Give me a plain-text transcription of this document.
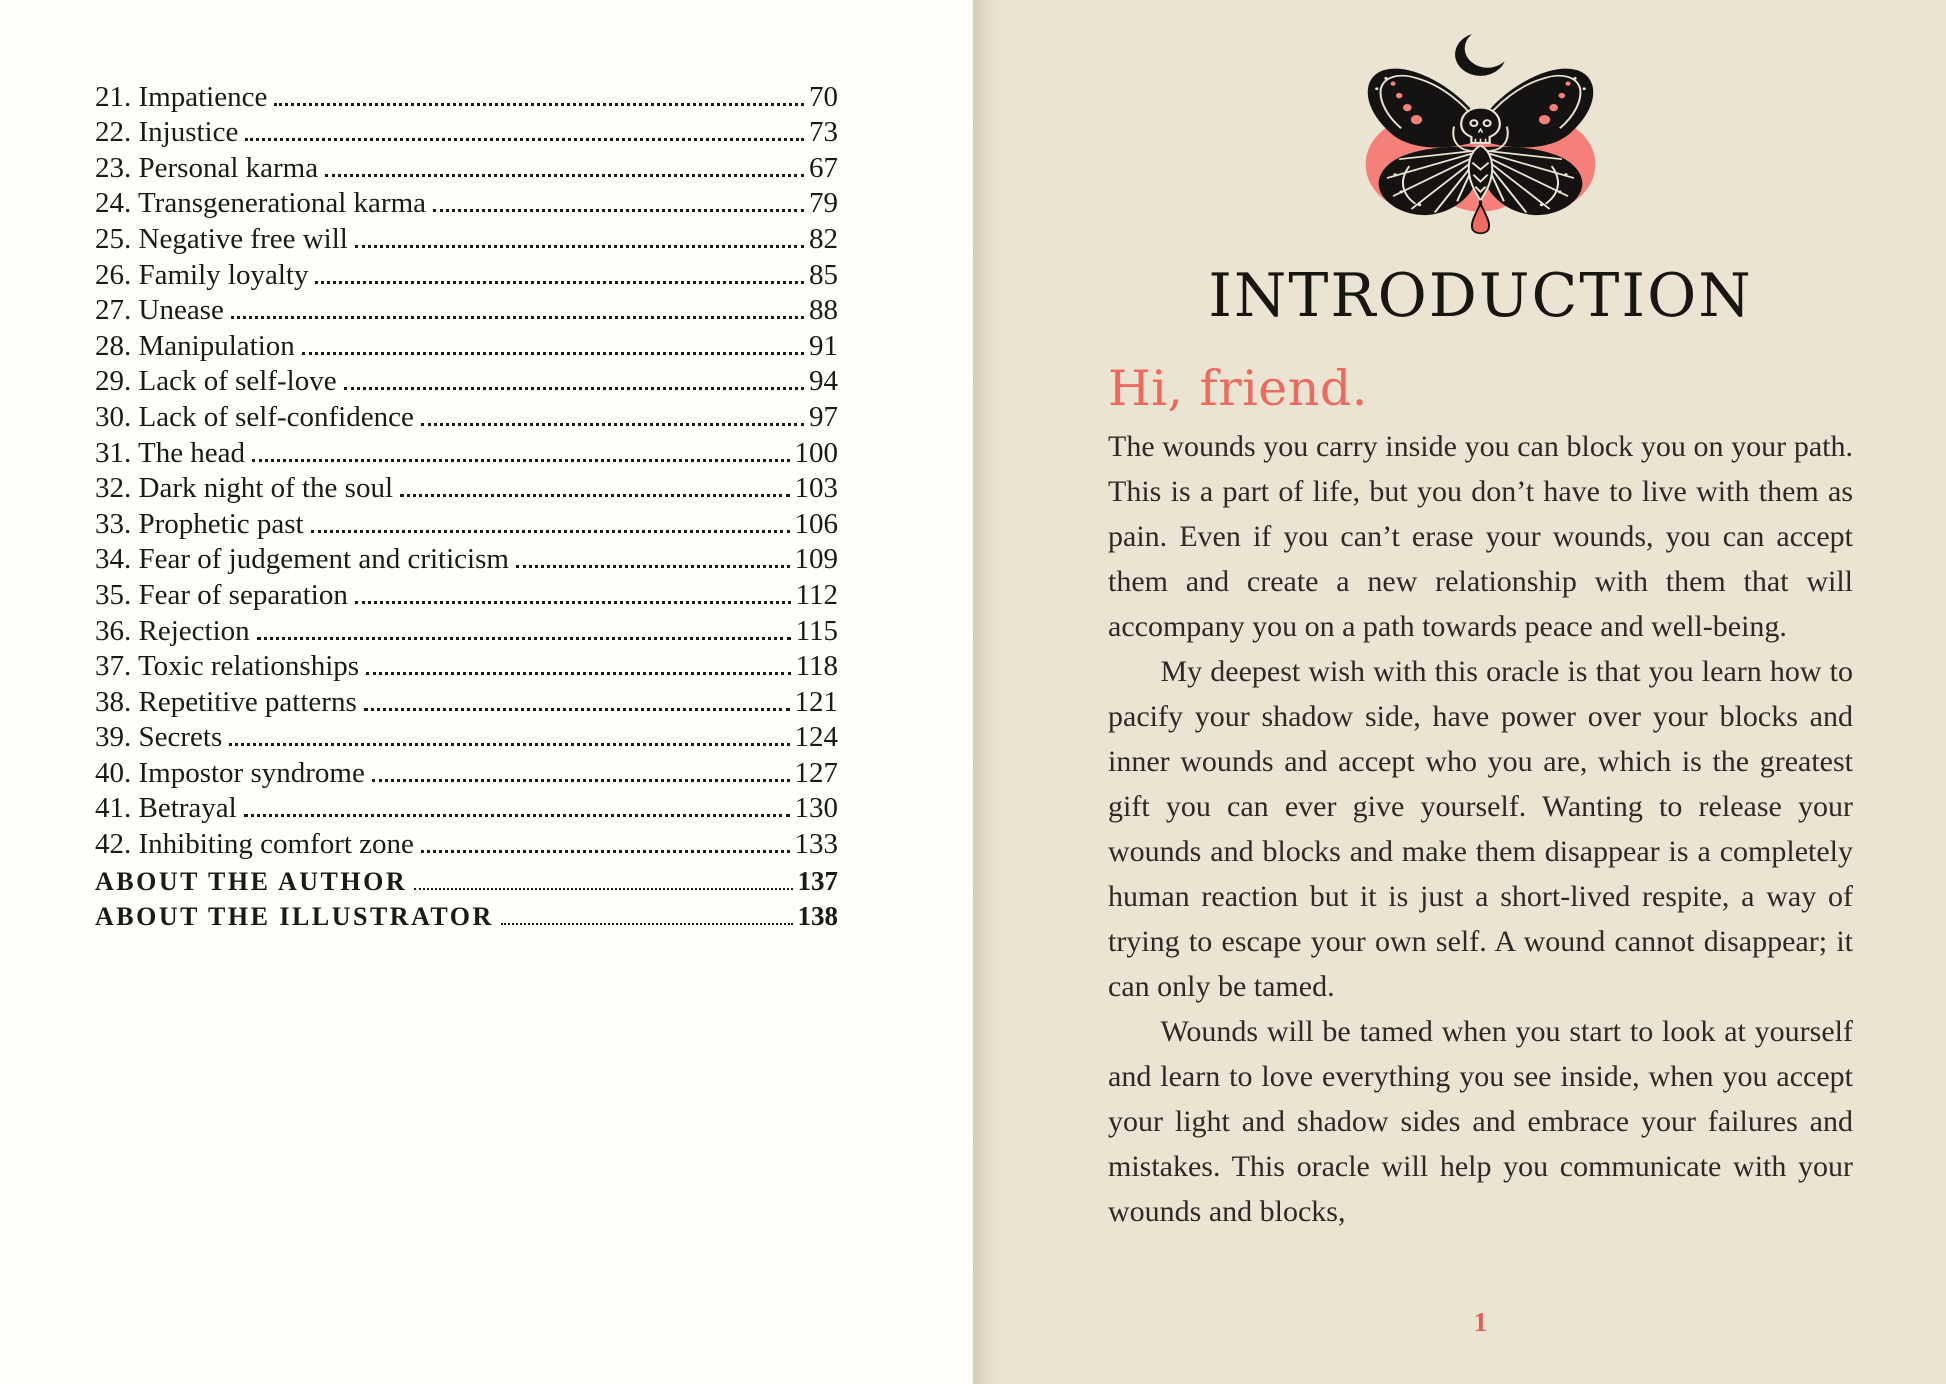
21. Impatience	70
22. Injustice	73
23. Personal karma	67
24. Transgenerational karma	79
25. Negative free will	82
26. Family loyalty	85
27. Unease	88
28. Manipulation	91
29. Lack of self-love	94
30. Lack of self-confidence	97
31. The head	100
32. Dark night of the soul	103
33. Prophetic past	106
34. Fear of judgement and criticism	109
35. Fear of separation	112
36. Rejection	115
37. Toxic relationships	118
38. Repetitive patterns	121
39. Secrets	124
40. Impostor syndrome	127
41. Betrayal	130
42. Inhibiting comfort zone	133
ABOUT THE AUTHOR	137
ABOUT THE ILLUSTRATOR	138
INTRODUCTION
Hi, friend.

The wounds you carry inside you can block you on your path. This is a part of life, but you don’t have to live with them as pain. Even if you can’t erase your wounds, you can accept them and create a new relationship with them that will accompany you on a path towards peace and well-being.

My deepest wish with this oracle is that you learn how to pacify your shadow side, have power over your blocks and inner wounds and accept who you are, which is the greatest gift you can ever give yourself. Wanting to release your wounds and blocks and make them disappear is a completely human reaction but it is just a short-lived respite, a way of trying to escape your own self. A wound cannot disappear; it can only be tamed.

Wounds will be tamed when you start to look at yourself and learn to love everything you see inside, when you accept your light and shadow sides and embrace your failures and mistakes. This oracle will help you communicate with your wounds and blocks,

1
